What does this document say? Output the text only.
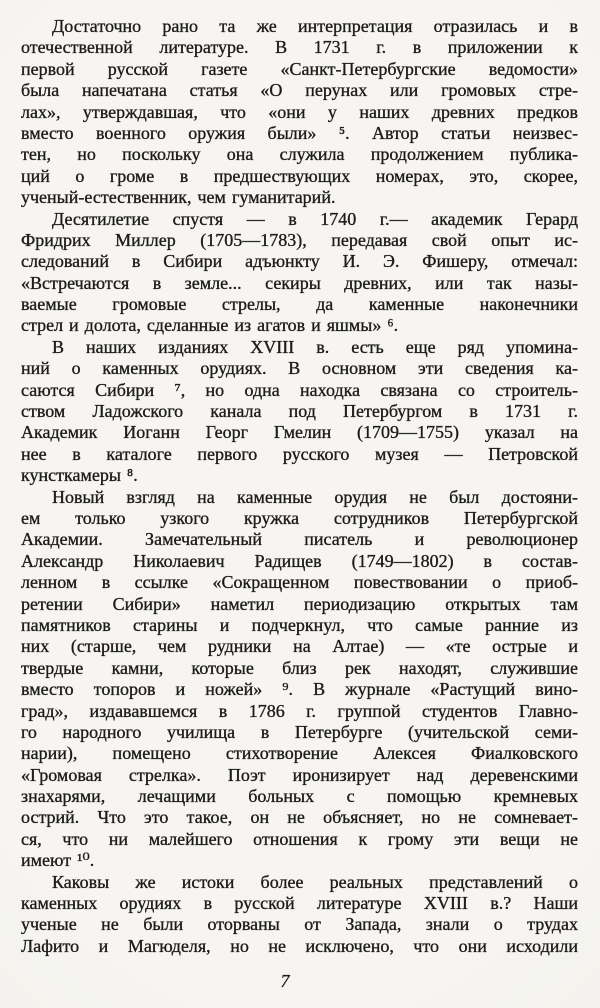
Достаточно рано та же интерпретация отразилась и в
отечественной литературе. В 1731 г. в приложении к
первой русской газете «Санкт-Петербургские ведомости»
была напечатана статья «О перунах или громовых стре-
лах», утверждавшая, что «они у наших древних предков
вместо военного оружия были» ⁵. Автор статьи неизвес-
тен, но поскольку она служила продолжением публика-
ций о громе в предшествующих номерах, это, скорее,
ученый-естественник, чем гуманитарий.
Десятилетие спустя — в 1740 г.— академик Герард
Фридрих Миллер (1705—1783), передавая свой опыт ис-
следований в Сибири адъюнкту И. Э. Фишеру, отмечал:
«Встречаются в земле... секиры древних, или так назы-
ваемые громовые стрелы, да каменные наконечники
стрел и долота, сделанные из агатов и яшмы» ⁶.
В наших изданиях XVIII в. есть еще ряд упомина-
ний о каменных орудиях. В основном эти сведения ка-
саются Сибири ⁷, но одна находка связана со строитель-
ством Ладожского канала под Петербургом в 1731 г.
Академик Иоганн Георг Гмелин (1709—1755) указал на
нее в каталоге первого русского музея — Петровской
кунсткамеры ⁸.
Новый взгляд на каменные орудия не был достояни-
ем только узкого кружка сотрудников Петербургской
Академии. Замечательный писатель и революционер
Александр Николаевич Радищев (1749—1802) в состав-
ленном в ссылке «Сокращенном повествовании о приоб-
ретении Сибири» наметил периодизацию открытых там
памятников старины и подчеркнул, что самые ранние из
них (старше, чем рудники на Алтае) — «те острые и
твердые камни, которые близ рек находят, служившие
вместо топоров и ножей» ⁹. В журнале «Растущий вино-
град», издававшемся в 1786 г. группой студентов Главно-
го народного училища в Петербурге (учительской семи-
нарии), помещено стихотворение Алексея Фиалковского
«Громовая стрелка». Поэт иронизирует над деревенскими
знахарями, лечащими больных с помощью кремневых
острий. Что это такое, он не объясняет, но не сомневает-
ся, что ни малейшего отношения к грому эти вещи не
имеют ¹⁰.
Каковы же истоки более реальных представлений о
каменных орудиях в русской литературе XVIII в.? Наши
ученые не были оторваны от Запада, знали о трудах
Лафито и Магюделя, но не исключено, что они исходили
7
